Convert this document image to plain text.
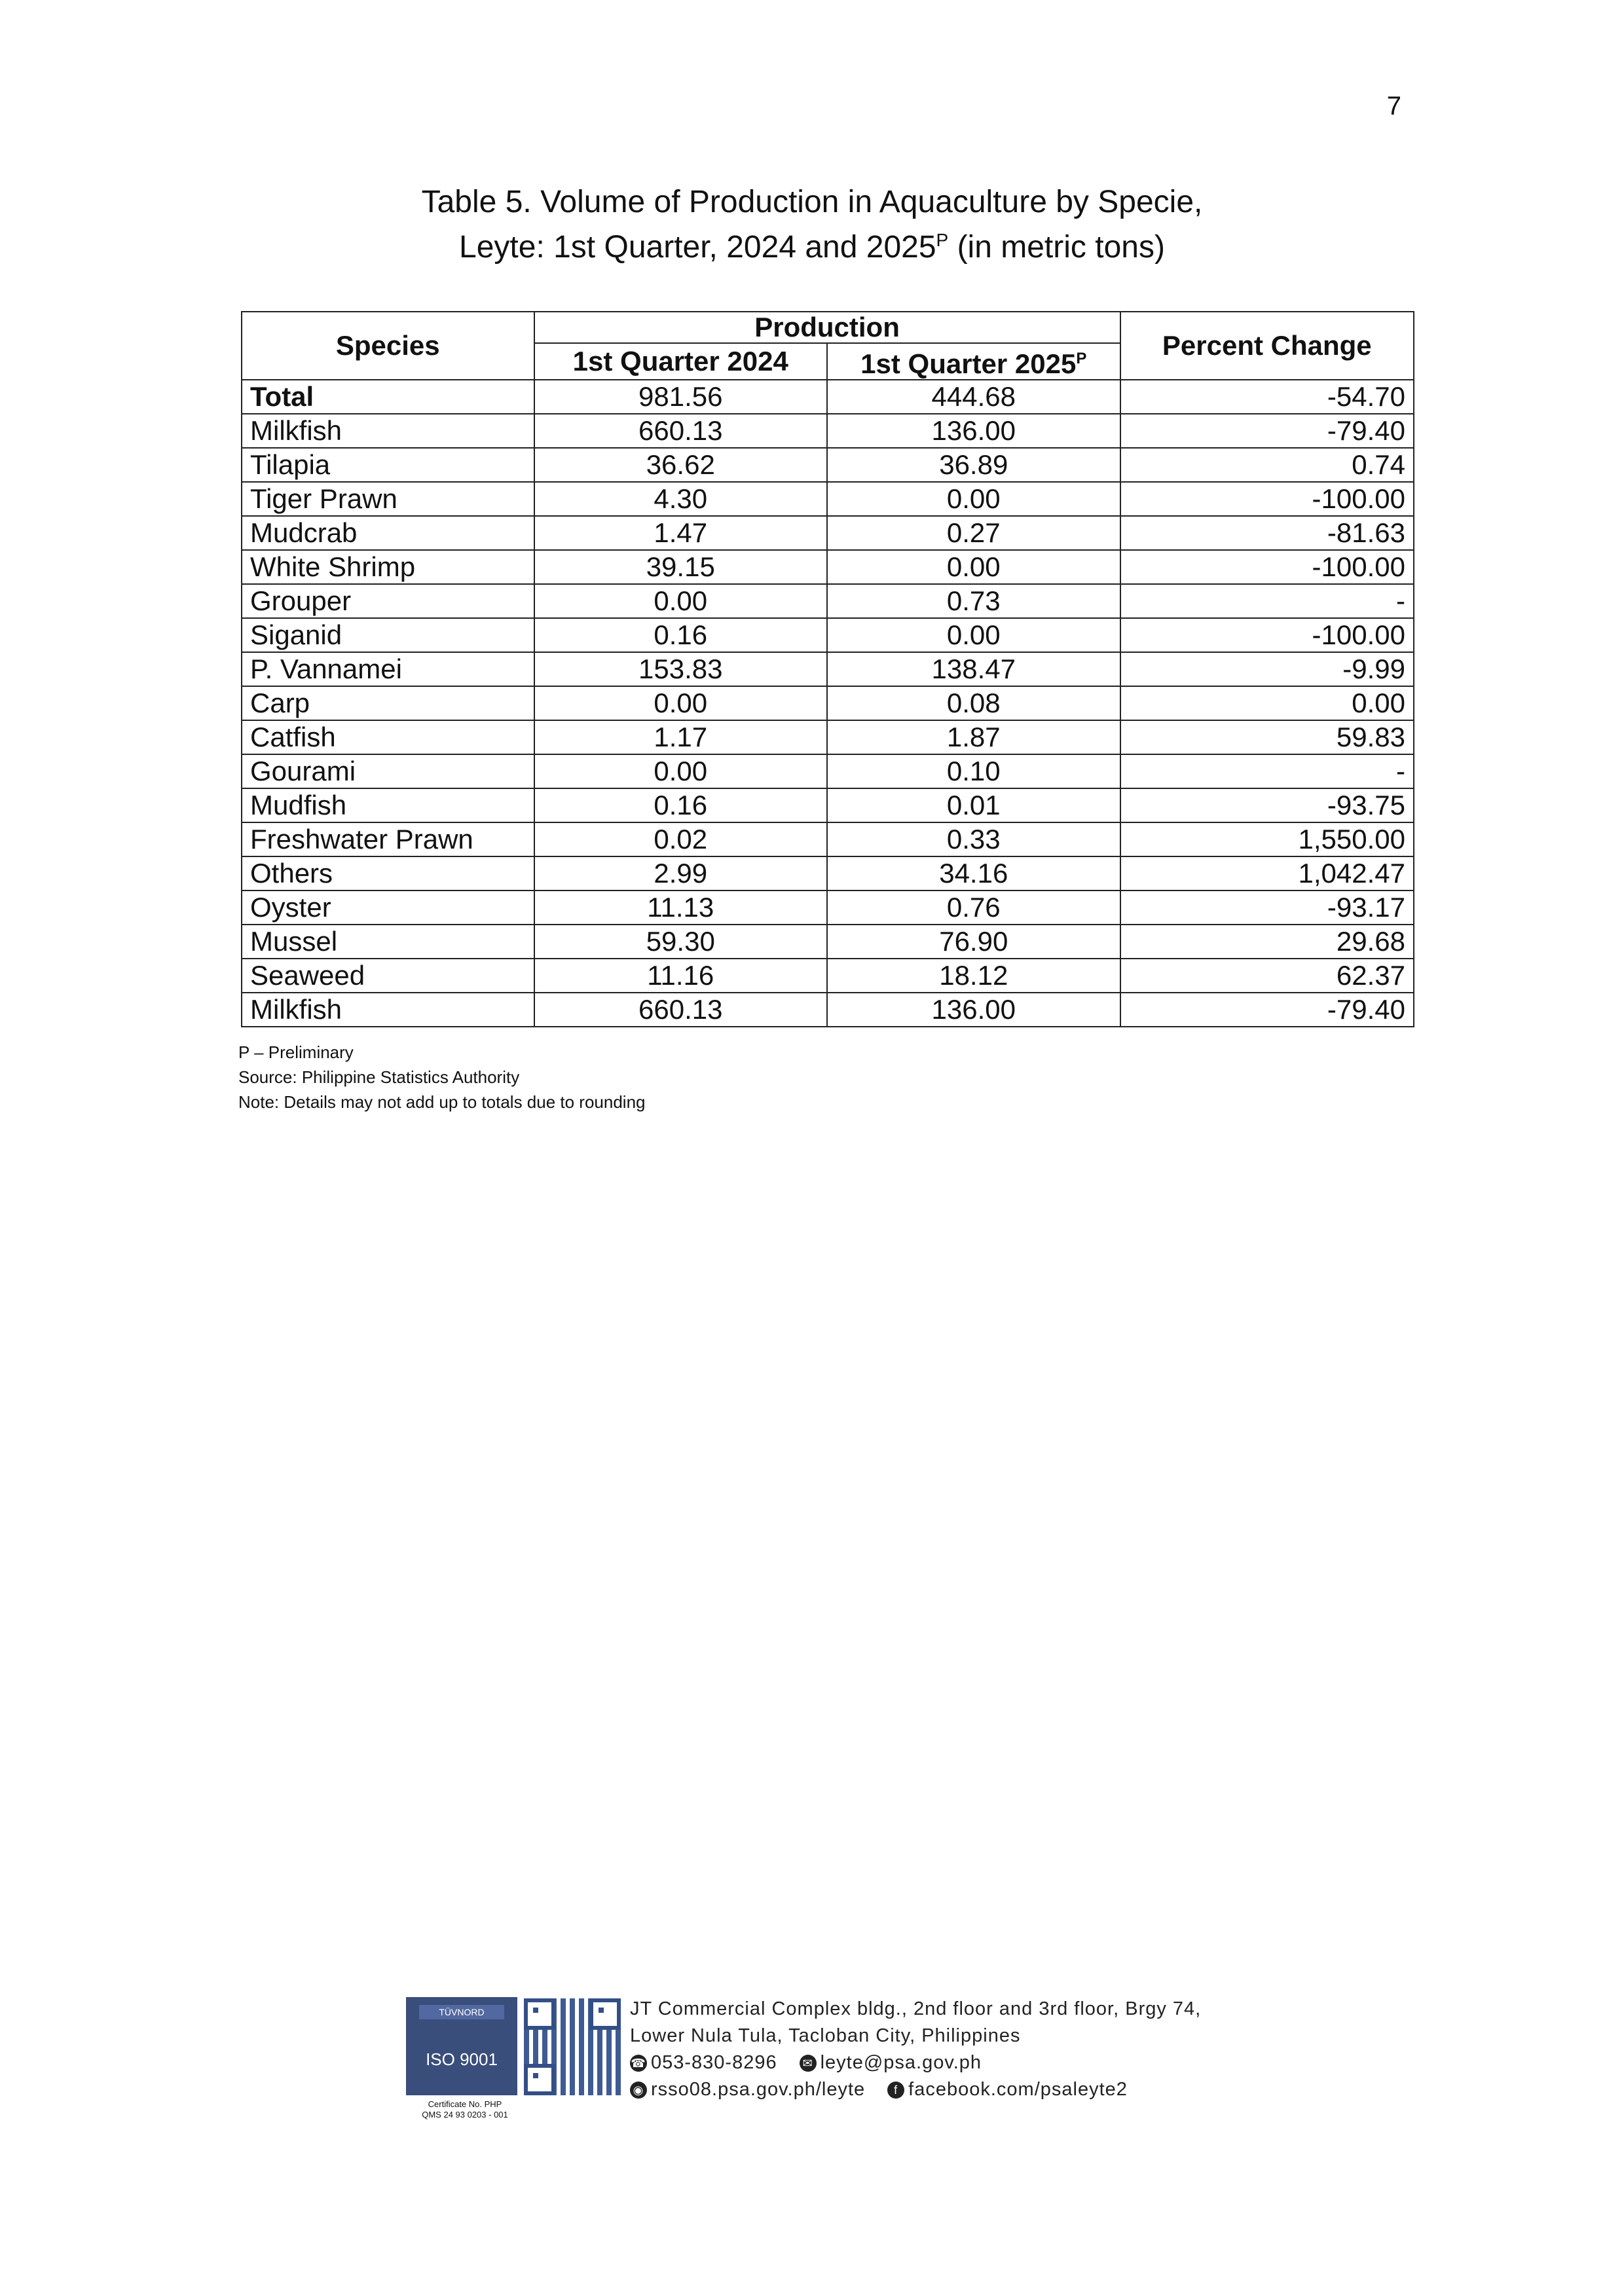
7
Table 5. Volume of Production in Aquaculture by Specie,
Leyte: 1st Quarter, 2024 and $2025^P$ (in metric tons)
Species	Production		Percent Change
	1st Quarter 2024	1st Quarter $2025^P$
Total	981.56	444.68	-54.70
Milkfish	660.13	136.00	-79.40
Tilapia	36.62	36.89	0.74
Tiger Prawn	4.30	0.00	-100.00
Mudcrab	1.47	0.27	-81.63
White Shrimp	39.15	0.00	-100.00
Grouper	0.00	0.73	-
Siganid	0.16	0.00	-100.00
P. Vannamei	153.83	138.47	-9.99
Carp	0.00	0.08	0.00
Catfish	1.17	1.87	59.83
Gourami	0.00	0.10	-
Mudfish	0.16	0.01	-93.75
Freshwater Prawn	0.02	0.33	1,550.00
Others	2.99	34.16	1,042.47
Oyster	11.13	0.76	-93.17
Mussel	59.30	76.90	29.68
Seaweed	11.16	18.12	62.37
Milkfish	660.13	136.00	-79.40
P – Preliminary
Source: Philippine Statistics Authority
Note: Details may not add up to totals due to rounding
TÜVNORD
ISO 9001
Certificate No. PHP
QMS 24 93 0203 - 001
JT Commercial Complex bldg., 2nd floor and 3rd floor, Brgy 74,
Lower Nula Tula, Tacloban City, Philippines
☎ 053-830-8296 ✉ leyte@psa.gov.ph
◉ rsso08.psa.gov.ph/leyte f facebook.com/psaleyte2
